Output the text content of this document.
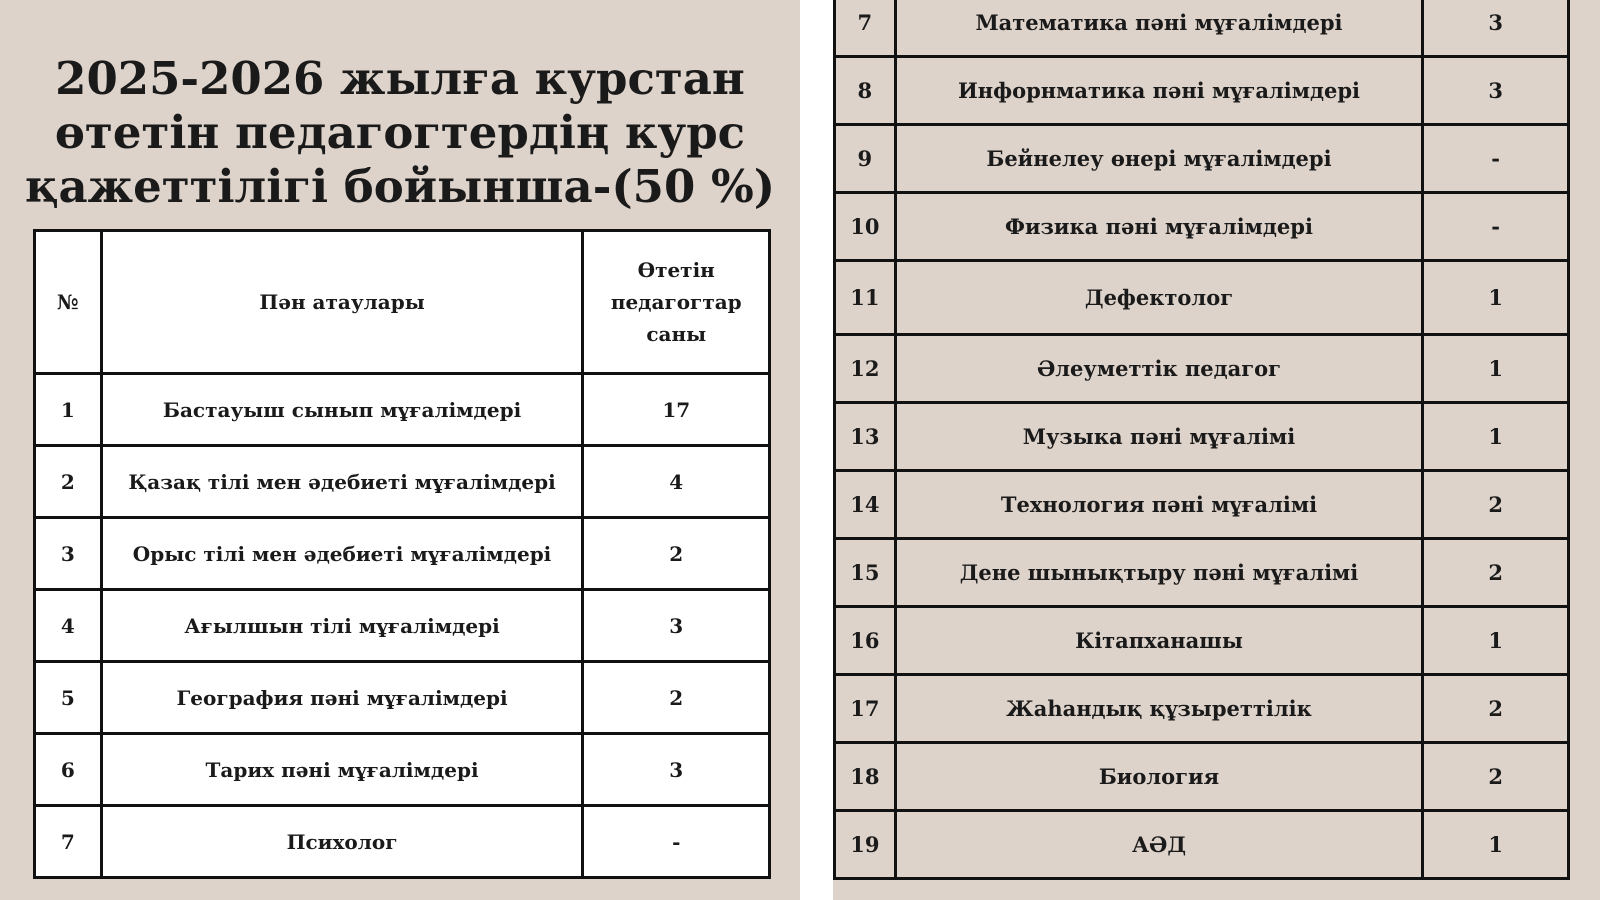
2025-2026 жылға курстан өтетін педагогтердің курс қажеттілігі бойынша-(50 %)
№	Пән атаулары	Өтетін педагогтар саны
1	Бастауыш сынып мұғалімдері	17
2	Қазақ тілі мен әдебиеті мұғалімдері	4
3	Орыс тілі мен әдебиеті мұғалімдері	2
4	Ағылшын тілі мұғалімдері	3
5	География пәні мұғалімдері	2
6	Тарих пәні мұғалімдері	3
7	Психолог	-
7	Математика пәні мұғалімдері	3
8	Инфорнматика пәні мұғалімдері	3
9	Бейнелеу өнері мұғалімдері	-
10	Физика пәні мұғалімдері	-
11	Дефектолог	1
12	Әлеуметтік педагог	1
13	Музыка пәні мұғалімі	1
14	Технология пәні мұғалімі	2
15	Дене шынықтыру пәні мұғалімі	2
16	Кітапханашы	1
17	Жаһандық құзыреттілік	2
18	Биология	2
19	АӘД	1
